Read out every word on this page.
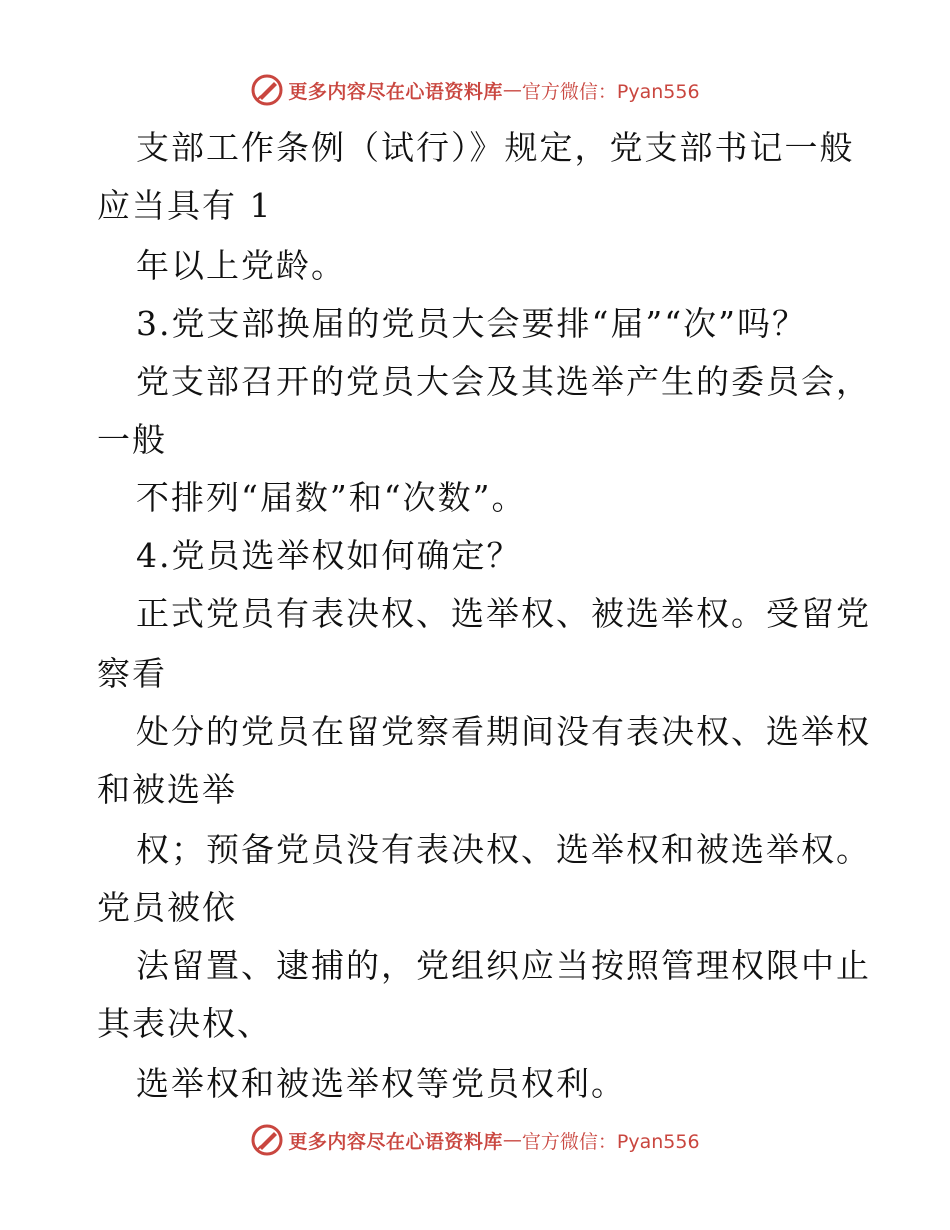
更多内容尽在心语资料库 — 官方微信：Pyan556
支部工作条例（试行）》规定，党支部书记一般
应当具有 1
年以上党龄。
3.党支部换届的党员大会要排“届”“次”吗？
党支部召开的党员大会及其选举产生的委员会，
一般
不排列“届数”和“次数”。
4.党员选举权如何确定？
正式党员有表决权、选举权、被选举权。受留党
察看
处分的党员在留党察看期间没有表决权、选举权
和被选举
权；预备党员没有表决权、选举权和被选举权。
党员被依
法留置、逮捕的，党组织应当按照管理权限中止
其表决权、
选举权和被选举权等党员权利。
更多内容尽在心语资料库 — 官方微信：Pyan556
